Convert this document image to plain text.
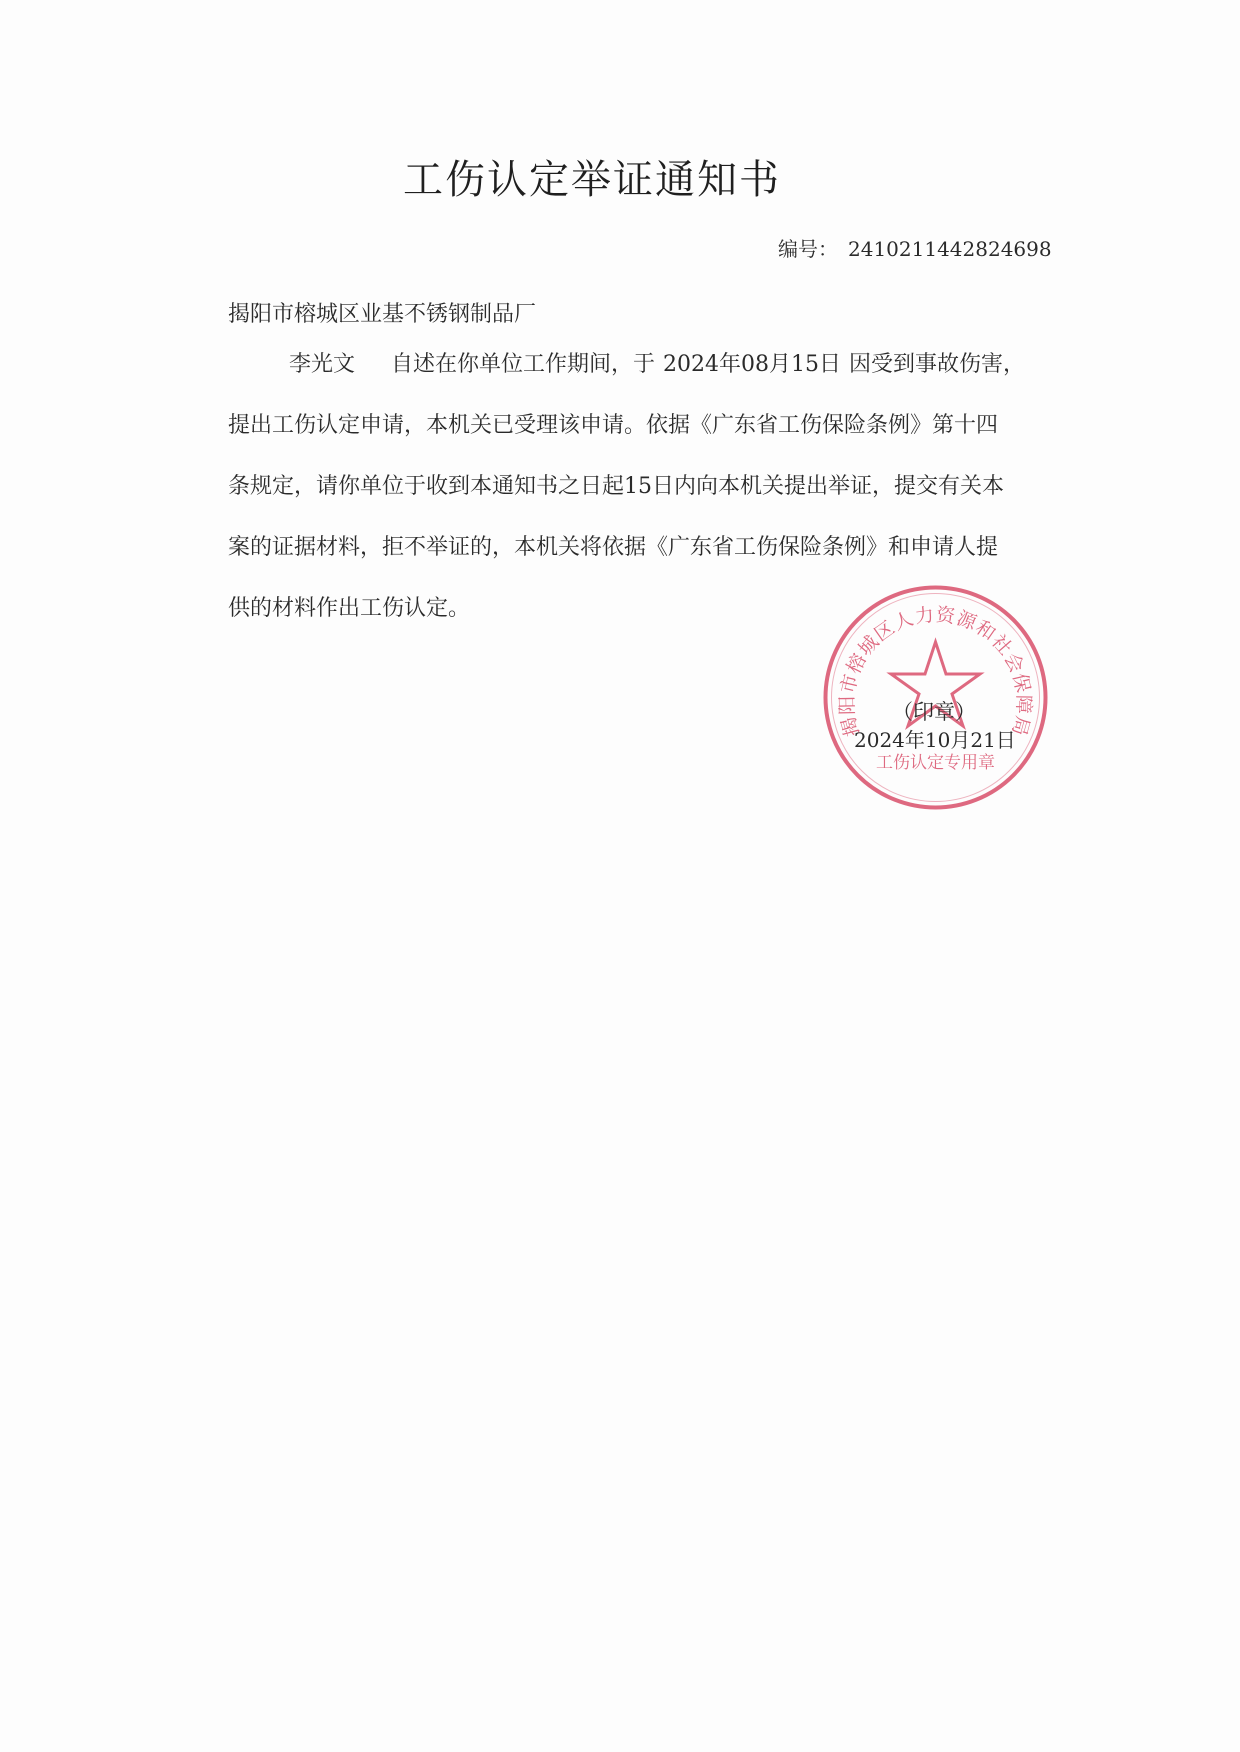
工伤认定举证通知书
编号： 2410211442824698
揭阳市榕城区业基不锈钢制品厂
李光文 自述在你单位工作期间，于 2024年08月15日 因受到事故伤害，
提出工伤认定申请，本机关已受理该申请。依据《广东省工伤保险条例》第十四
条规定，请你单位于收到本通知书之日起15日内向本机关提出举证，提交有关本
案的证据材料，拒不举证的，本机关将依据《广东省工伤保险条例》和申请人提
供的材料作出工伤认定。
揭阳市榕城区人力资源和社会保障局
工伤认定专用章
（印章）
2024年10月21日
